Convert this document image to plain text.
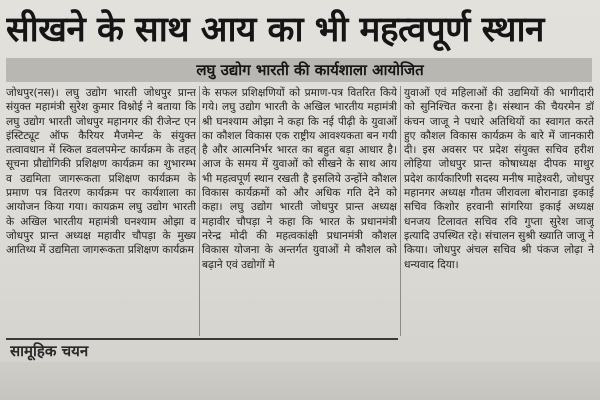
सीखने के साथ आय का भी महत्वपूर्ण स्थान
लघु उद्योग भारती की कार्यशाला आयोजित

जोधपुर(नस)। लघु उद्योग भारती जोधपुर प्रान्त संयुक्त महामंत्री सुरेश कुमार विश्नोई ने बताया कि लघु उद्योग भारती जोधपुर महानगर की रीजेन्ट एन इंस्टिट्यूट ऑफ कैरियर मैजमेन्ट के संयुक्त तत्वावधान में स्किल डवलपमेन्ट कार्यक्रम के तहत् सूचना प्रौद्योगिकी प्रशिक्षण कार्यक्रम का शुभारम्भ व उद्यमिता जागरूकता प्रशिक्षण कार्यक्रम के प्रमाण पत्र वितरण कार्यक्रम पर कार्यशाला का आयोजन किया गया। कायक्रम लघु उद्योग भारती के अखिल भारतीय महामंत्री घनश्याम ओझा व जोधपुर प्रान्त अध्यक्ष महावीर चौपड़ा के मुख्य आतिथ्य में उद्यमिता जागरूकता प्रशिक्षण कार्यक्रम

के सफल प्रशिक्षणियों को प्रमाण-पत्र वितरित किये गये। लघु उद्योग भारती के अखिल भारतीय महामंत्री श्री घनश्याम ओझा ने कहा कि नई पीढ़ी के युवाओं का कौशल विकास एक राष्ट्रीय आवश्यकता बन गयी है और आत्मनिर्भर भारत का बहुत बड़ा आधार है। आज के समय में युवाओं को सीखने के साथ आय भी महत्वपूर्ण स्थान रखती है इसलिये उन्होंने कौशल विकास कार्यक्रमों को और अधिक गति देने को कहा। लघु उद्योग भारती जोधपुर प्रान्त अध्यक्ष महावीर चौपड़ा ने कहा कि भारत के प्रधानमंत्री नरेन्द्र मोदी की महत्वकांक्षी प्रधानमंत्री कौशल विकास योजना के अन्तर्गत युवाओं मे कौशल को बढ़ाने एवं उद्योगों मे

युवाओं एवं महिलाओं की उद्यमियों की भागीदारी को सुनिश्चित करना है। संस्थान की चैयरमेन डॉ कंचन जाजू ने पधारे अतिथियों का स्वागत करते हुए कौशल विकास कार्यक्रम के बारे में जानकारी दी। इस अवसर पर प्रदेश संयुक्त सचिव हरीश लोहिया जोधपुर प्रान्त कोषाध्यक्ष दीपक माथुर प्रदेश कार्यकारिणी सदस्य मनीष माहेश्वरी, जोधपुर महानगर अध्यक्ष गौतम जीरावला बोरानाडा इकाई सचिव किशोर हरवानी सांगरिया इकाई अध्यक्ष धनजय टिलावत सचिव रवि गुप्ता सुरेश जाजू इत्यादि उपस्थित रहे। संचालन सुश्री ख्याति जाजू ने किया। जोधपुर अंचल सचिव श्री पंकज लोढ़ा ने धन्यवाद दिया।

सामूहिक चयन
